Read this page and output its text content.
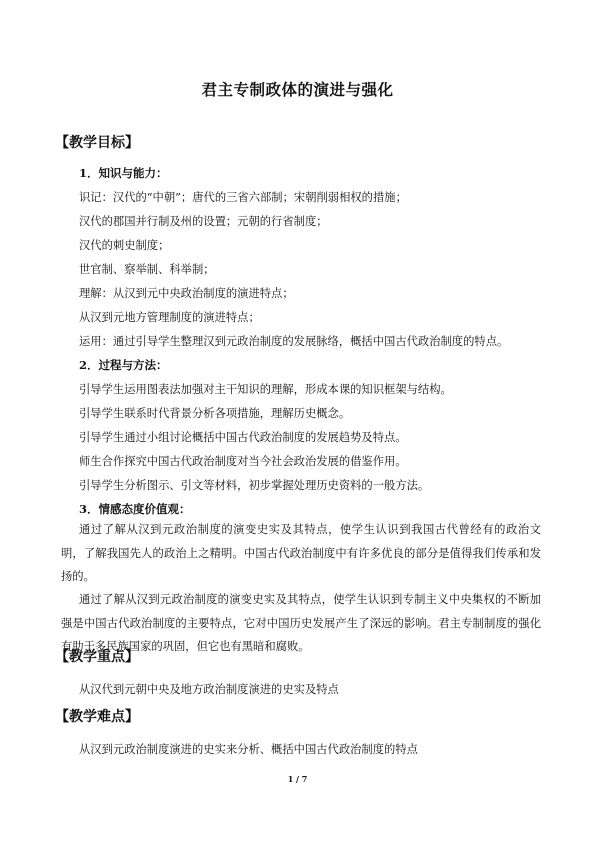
君主专制政体的演进与强化
【教学目标】
1．知识与能力：
识记：汉代的“中朝”；唐代的三省六部制；宋朝削弱相权的措施；
汉代的郡国并行制及州的设置；元朝的行省制度；
汉代的刺史制度；
世官制、察举制、科举制；
理解：从汉到元中央政治制度的演进特点；
从汉到元地方管理制度的演进特点；
运用：通过引导学生整理汉到元政治制度的发展脉络，概括中国古代政治制度的特点。
2．过程与方法：
引导学生运用图表法加强对主干知识的理解，形成本课的知识框架与结构。
引导学生联系时代背景分析各项措施，理解历史概念。
引导学生通过小组讨论概括中国古代政治制度的发展趋势及特点。
师生合作探究中国古代政治制度对当今社会政治发展的借鉴作用。
引导学生分析图示、引文等材料，初步掌握处理历史资料的一般方法。
3．情感态度价值观：
通过了解从汉到元政治制度的演变史实及其特点，使学生认识到我国古代曾经有的政治文明，了解我国先人的政治上之精明。中国古代政治制度中有许多优良的部分是值得我们传承和发扬的。
通过了解从汉到元政治制度的演变史实及其特点，使学生认识到专制主义中央集权的不断加强是中国古代政治制度的主要特点，它对中国历史发展产生了深远的影响。君主专制制度的强化有助于多民族国家的巩固，但它也有黑暗和腐败。
【教学重点】
从汉代到元朝中央及地方政治制度演进的史实及特点
【教学难点】
从汉到元政治制度演进的史实来分析、概括中国古代政治制度的特点
1 / 7
